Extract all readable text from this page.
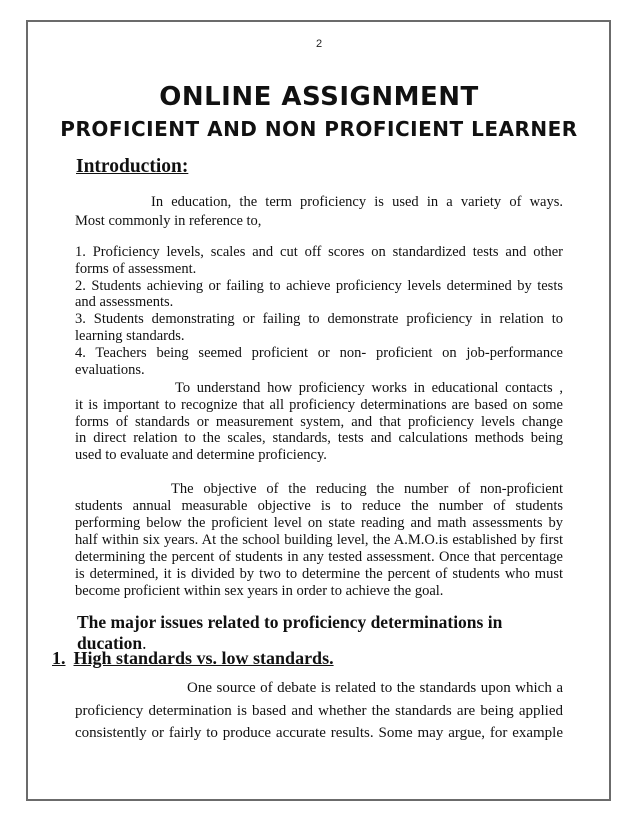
2
ONLINE ASSIGNMENT
PROFICIENT AND NON PROFICIENT LEARNER
Introduction:
In education, the term proficiency is used in a variety of ways.
Most commonly in reference to,
1. Proficiency levels, scales and cut off scores on standardized tests and other
forms of assessment.
2. Students achieving or failing to achieve proficiency levels determined by tests
and assessments.
3. Students demonstrating or failing to demonstrate proficiency in relation to
learning standards.
4. Teachers being seemed proficient or non- proficient on job-performance
evaluations.
To understand how proficiency works in educational contacts ,
it is important to recognize that all proficiency determinations are based on some
forms of standards or measurement system, and that proficiency levels change
in direct relation to the scales, standards, tests and calculations methods being
used to evaluate and determine proficiency.
The objective of the reducing the number of non-proficient
students annual measurable objective is to reduce the number of students
performing below the proficient level on state reading and math assessments by
half within six years. At the school building level, the A.M.O.is established by first
determining the percent of students in any tested assessment. Once that percentage
is determined, it is divided by two to determine the percent of students who must
become proficient within sex years in order to achieve the goal.
The major issues related to proficiency determinations in ducation.
1. High standards vs. low standards.
One source of debate is related to the standards upon which a
proficiency determination is based and whether the standards are being applied
consistently or fairly to produce accurate results. Some may argue, for example
